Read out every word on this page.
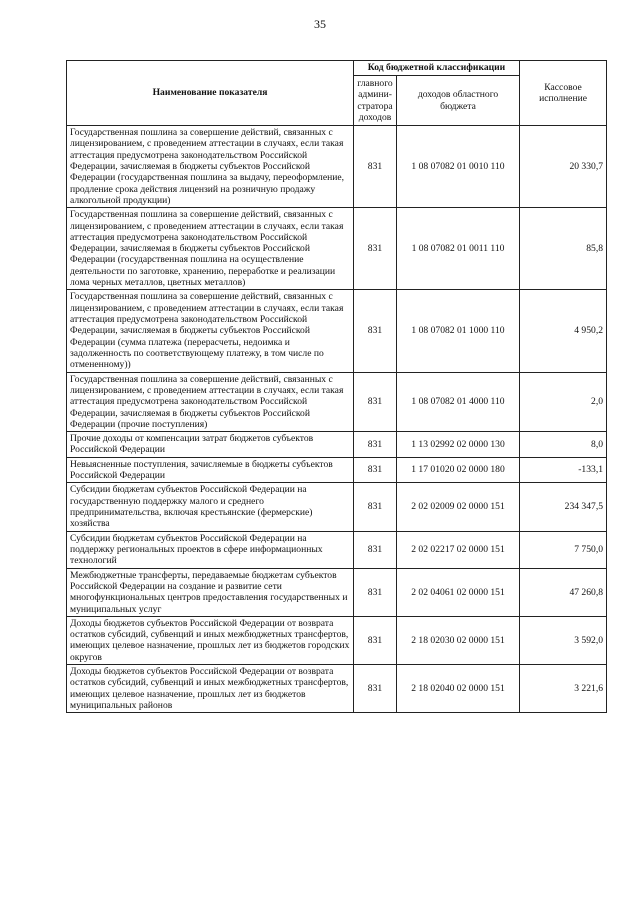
35
Наименование показателя	Код бюджетной классификации		Кассовое исполнение
	главного админи-стратора доходов	доходов областного бюджета	
Государственная пошлина за совершение действий, связанных с лицензированием, с проведением аттестации в случаях, если такая аттестация предусмотрена законодательством Российской Федерации, зачисляемая в бюджеты субъектов Российской Федерации (государственная пошлина за выдачу, переоформление, продление срока действия лицензий на розничную продажу алкогольной продукции)	831	1 08 07082 01 0010 110	20 330,7
Государственная пошлина за совершение действий, связанных с лицензированием, с проведением аттестации в случаях, если такая аттестация предусмотрена законодательством Российской Федерации, зачисляемая в бюджеты субъектов Российской Федерации (государственная пошлина на осуществление деятельности по заготовке, хранению, переработке и реализации лома черных металлов, цветных металлов)	831	1 08 07082 01 0011 110	85,8
Государственная пошлина за совершение действий, связанных с лицензированием, с проведением аттестации в случаях, если такая аттестация предусмотрена законодательством Российской Федерации, зачисляемая в бюджеты субъектов Российской Федерации (сумма платежа (перерасчеты, недоимка и задолженность по соответствующему платежу, в том числе по отмененному))	831	1 08 07082 01 1000 110	4 950,2
Государственная пошлина за совершение действий, связанных с лицензированием, с проведением аттестации в случаях, если такая аттестация предусмотрена законодательством Российской Федерации, зачисляемая в бюджеты субъектов Российской Федерации (прочие поступления)	831	1 08 07082 01 4000 110	2,0
Прочие доходы от компенсации затрат бюджетов субъектов Российской Федерации	831	1 13 02992 02 0000 130	8,0
Невыясненные поступления, зачисляемые в бюджеты субъектов Российской Федерации	831	1 17 01020 02 0000 180	-133,1
Субсидии бюджетам субъектов Российской Федерации на государственную поддержку малого и среднего предпринимательства, включая крестьянские (фермерские) хозяйства	831	2 02 02009 02 0000 151	234 347,5
Субсидии бюджетам субъектов Российской Федерации на поддержку региональных проектов в сфере информационных технологий	831	2 02 02217 02 0000 151	7 750,0
Межбюджетные трансферты, передаваемые бюджетам субъектов Российской Федерации на создание и развитие сети многофункциональных центров предоставления государственных и муниципальных услуг	831	2 02 04061 02 0000 151	47 260,8
Доходы бюджетов субъектов Российской Федерации от возврата остатков субсидий, субвенций и иных межбюджетных трансфертов, имеющих целевое назначение, прошлых лет из бюджетов городских округов	831	2 18 02030 02 0000 151	3 592,0
Доходы бюджетов субъектов Российской Федерации от возврата остатков субсидий, субвенций и иных межбюджетных трансфертов, имеющих целевое назначение, прошлых лет из бюджетов муниципальных районов	831	2 18 02040 02 0000 151	3 221,6
